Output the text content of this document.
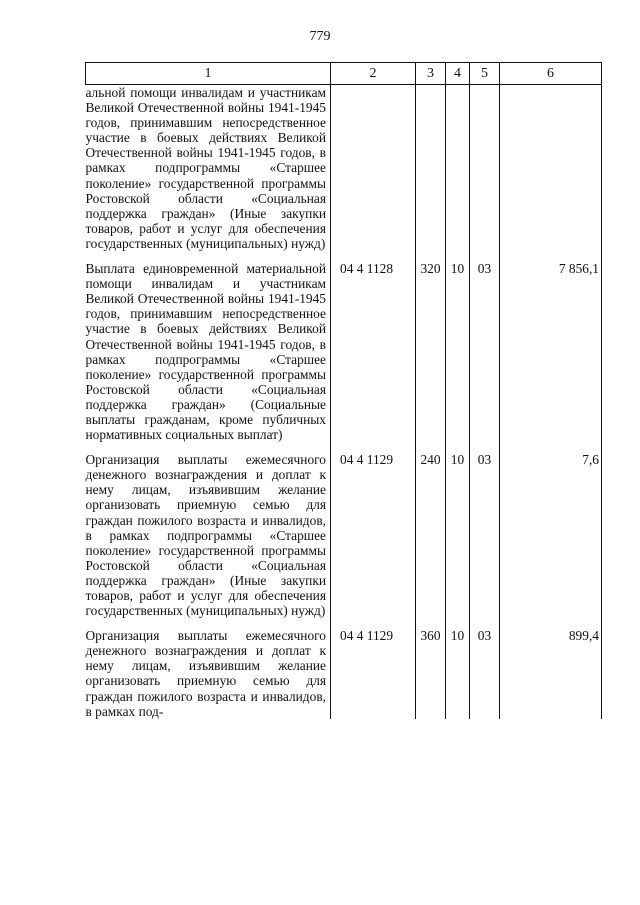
779
1	2	3	4	5	6
альной помощи инвалидам и участникам Великой Отечественной войны 1941-1945 годов, принимавшим непосредственное участие в боевых действиях Великой Отечественной войны 1941-1945 годов, в рамках подпрограммы «Старшее поколение» государственной программы Ростовской области «Социальная поддержка граждан» (Иные закупки товаров, работ и услуг для обеспечения государственных (муниципальных) нужд)					

Выплата единовременной материальной помощи инвалидам и участникам Великой Отечественной войны 1941-1945 годов, принимавшим непосредственное участие в боевых действиях Великой Отечественной войны 1941-1945 годов, в рамках подпрограммы «Старшее поколение» государственной программы Ростовской области «Социальная поддержка граждан» (Социальные выплаты гражданам, кроме публичных нормативных социальных выплат)	04 4 1128	320	10	03	7 856,1

Организация выплаты ежемесячного денежного вознаграждения и доплат к нему лицам, изъявившим желание организовать приемную семью для граждан пожилого возраста и инвалидов, в рамках подпрограммы «Старшее поколение» государственной программы Ростовской области «Социальная поддержка граждан» (Иные закупки товаров, работ и услуг для обеспечения государственных (муниципальных) нужд)	04 4 1129	240	10	03	7,6

Организация выплаты ежемесячного денежного вознаграждения и доплат к нему лицам, изъявившим желание организовать приемную семью для граждан пожилого возраста и инвалидов, в рамках под-	04 4 1129	360	10	03	899,4
